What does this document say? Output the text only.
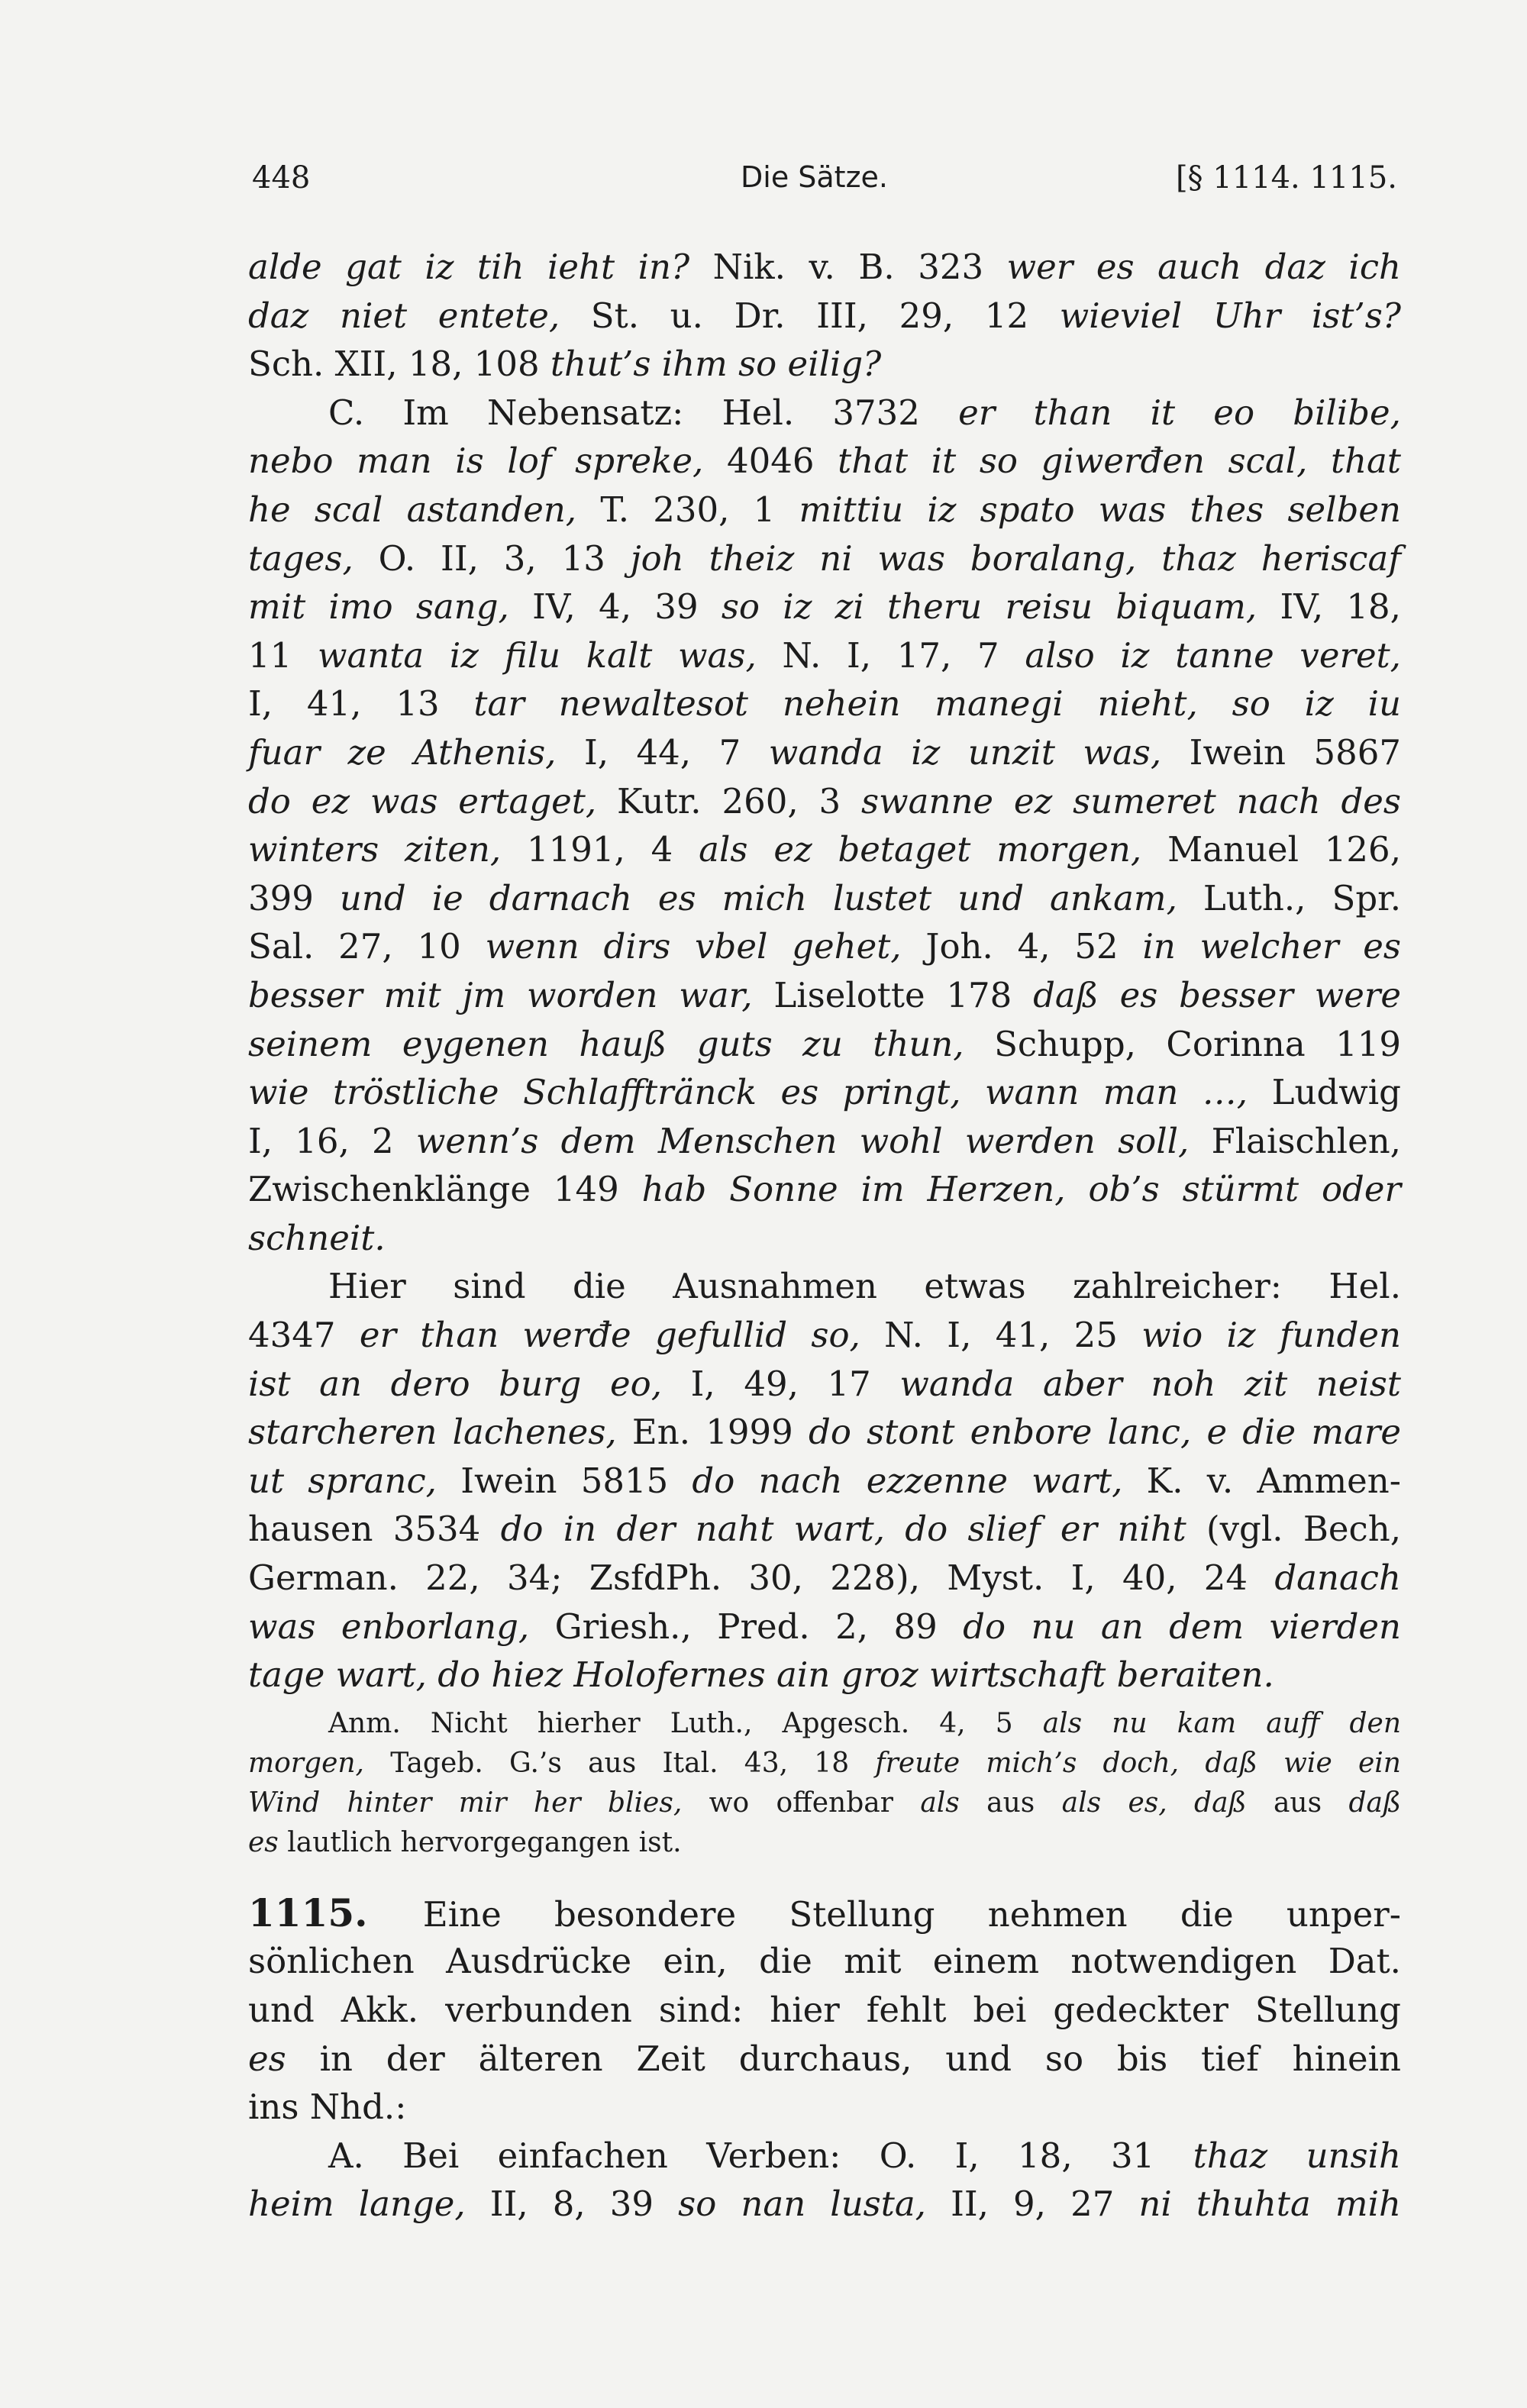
448	Die Sätze.	[§ 1114. 1115.
alde gat iz tih ieht in? Nik. v. B. 323 wer es auch daz ich
daz niet entete, St. u. Dr. III, 29, 12 wieviel Uhr ist’s?
Sch. XII, 18, 108 thut’s ihm so eilig?
C. Im Nebensatz: Hel. 3732 er than it eo bilibe,
nebo man is lof spreke, 4046 that it so giwerđen scal, that
he scal astanden, T. 230, 1 mittiu iz spato was thes selben
tages, O. II, 3, 13 joh theiz ni was boralang, thaz heriscaf
mit imo sang, IV, 4, 39 so iz zi theru reisu biquam, IV, 18,
11 wanta iz filu kalt was, N. I, 17, 7 also iz tanne veret,
I, 41, 13 tar newaltesot nehein manegi nieht, so iz iu
fuar ze Athenis, I, 44, 7 wanda iz unzit was, Iwein 5867
do ez was ertaget, Kutr. 260, 3 swanne ez sumeret nach des
winters ziten, 1191, 4 als ez betaget morgen, Manuel 126,
399 und ie darnach es mich lustet und ankam, Luth., Spr.
Sal. 27, 10 wenn dirs vbel gehet, Joh. 4, 52 in welcher es
besser mit jm worden war, Liselotte 178 daß es besser were
seinem eygenen hauß guts zu thun, Schupp, Corinna 119
wie tröstliche Schlafftränck es pringt, wann man …, Ludwig
I, 16, 2 wenn’s dem Menschen wohl werden soll, Flaischlen,
Zwischenklänge 149 hab Sonne im Herzen, ob’s stürmt oder
schneit.
Hier sind die Ausnahmen etwas zahlreicher: Hel.
4347 er than werđe gefullid so, N. I, 41, 25 wio iz funden
ist an dero burg eo, I, 49, 17 wanda aber noh zit neist
starcheren lachenes, En. 1999 do stont enbore lanc, e die mare
ut spranc, Iwein 5815 do nach ezzenne wart, K. v. Ammen-
hausen 3534 do in der naht wart, do slief er niht (vgl. Bech,
German. 22, 34; ZsfdPh. 30, 228), Myst. I, 40, 24 danach
was enborlang, Griesh., Pred. 2, 89 do nu an dem vierden
tage wart, do hiez Holofernes ain groz wirtschaft beraiten.
Anm. Nicht hierher Luth., Apgesch. 4, 5 als nu kam auff den
morgen, Tageb. G.’s aus Ital. 43, 18 freute mich’s doch, daß wie ein
Wind hinter mir her blies, wo offenbar als aus als es, daß aus daß
es lautlich hervorgegangen ist.
1115. Eine besondere Stellung nehmen die unper-
sönlichen Ausdrücke ein, die mit einem notwendigen Dat.
und Akk. verbunden sind: hier fehlt bei gedeckter Stellung
es in der älteren Zeit durchaus, und so bis tief hinein
ins Nhd.:
A. Bei einfachen Verben: O. I, 18, 31 thaz unsih
heim lange, II, 8, 39 so nan lusta, II, 9, 27 ni thuhta mih
